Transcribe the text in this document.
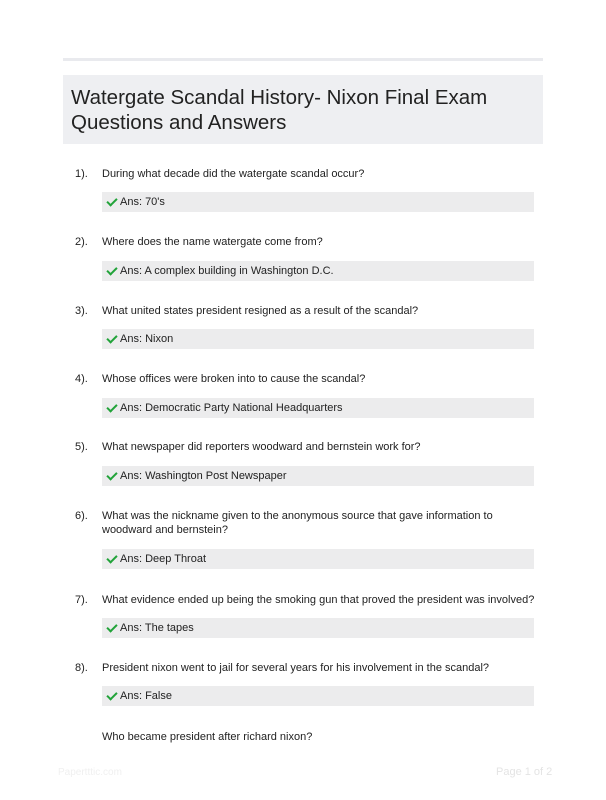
Watergate Scandal History- Nixon Final Exam Questions and Answers
1). During what decade did the watergate scandal occur?
Ans: 70's
2). Where does the name watergate come from?
Ans: A complex building in Washington D.C.
3). What united states president resigned as a result of the scandal?
Ans: Nixon
4). Whose offices were broken into to cause the scandal?
Ans: Democratic Party National Headquarters
5). What newspaper did reporters woodward and bernstein work for?
Ans: Washington Post Newspaper
6). What was the nickname given to the anonymous source that gave information to woodward and bernstein?
Ans: Deep Throat
7). What evidence ended up being the smoking gun that proved the president was involved?
Ans: The tapes
8). President nixon went to jail for several years for his involvement in the scandal?
Ans: False
Who became president after richard nixon?
Papertttic.com	Page 1 of 2
